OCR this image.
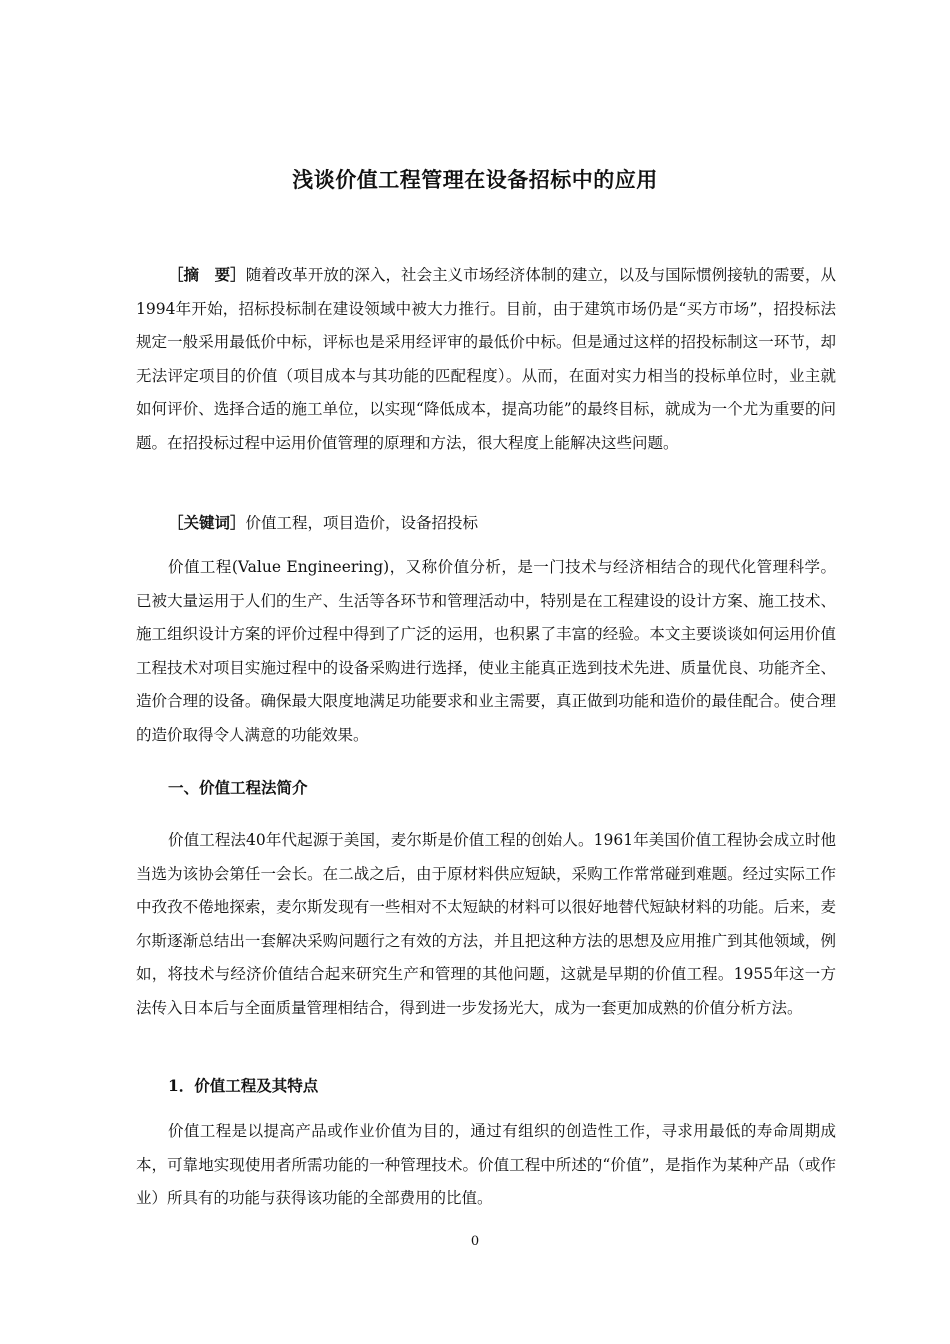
浅谈价值工程管理在设备招标中的应用

［摘　要］随着改革开放的深入，社会主义市场经济体制的建立，以及与国际惯例接轨的需要，从1994年开始，招标投标制在建设领域中被大力推行。目前，由于建筑市场仍是“买方市场”，招投标法规定一般采用最低价中标，评标也是采用经评审的最低价中标。但是通过这样的招投标制这一环节，却无法评定项目的价值（项目成本与其功能的匹配程度）。从而，在面对实力相当的投标单位时，业主就如何评价、选择合适的施工单位，以实现“降低成本，提高功能”的最终目标，就成为一个尤为重要的问题。在招投标过程中运用价值管理的原理和方法，很大程度上能解决这些问题。

［关键词］价值工程，项目造价，设备招投标

价值工程(Value Engineering)，又称价值分析，是一门技术与经济相结合的现代化管理科学。已被大量运用于人们的生产、生活等各环节和管理活动中，特别是在工程建设的设计方案、施工技术、施工组织设计方案的评价过程中得到了广泛的运用，也积累了丰富的经验。本文主要谈谈如何运用价值工程技术对项目实施过程中的设备采购进行选择，使业主能真正选到技术先进、质量优良、功能齐全、造价合理的设备。确保最大限度地满足功能要求和业主需要，真正做到功能和造价的最佳配合。使合理的造价取得令人满意的功能效果。

一、价值工程法简介

价值工程法40年代起源于美国，麦尔斯是价值工程的创始人。1961年美国价值工程协会成立时他当选为该协会第任一会长。在二战之后，由于原材料供应短缺，采购工作常常碰到难题。经过实际工作中孜孜不倦地探索，麦尔斯发现有一些相对不太短缺的材料可以很好地替代短缺材料的功能。后来，麦尔斯逐渐总结出一套解决采购问题行之有效的方法，并且把这种方法的思想及应用推广到其他领域，例如，将技术与经济价值结合起来研究生产和管理的其他问题，这就是早期的价值工程。1955年这一方法传入日本后与全面质量管理相结合，得到进一步发扬光大，成为一套更加成熟的价值分析方法。

1．价值工程及其特点

价值工程是以提高产品或作业价值为目的，通过有组织的创造性工作，寻求用最低的寿命周期成本，可靠地实现使用者所需功能的一种管理技术。价值工程中所述的“价值”，是指作为某种产品（或作业）所具有的功能与获得该功能的全部费用的比值。

0
